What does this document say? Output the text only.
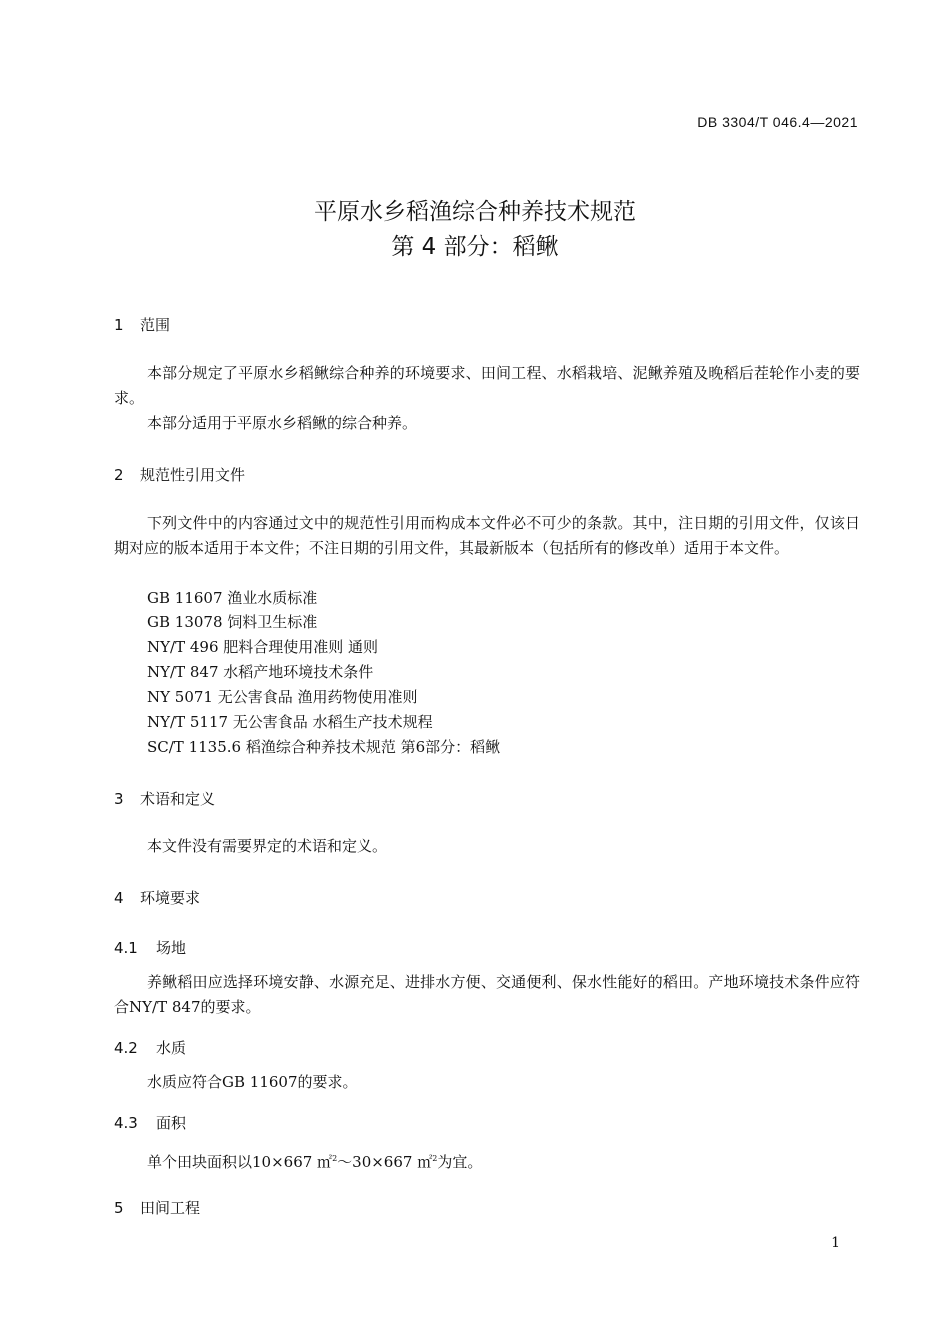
DB 3304/T 046.4—2021
平原水乡稻渔综合种养技术规范
第 4 部分：稻鳅
1 范围
本部分规定了平原水乡稻鳅综合种养的环境要求、田间工程、水稻栽培、泥鳅养殖及晚稻后茬轮作小麦的要求。
本部分适用于平原水乡稻鳅的综合种养。
2 规范性引用文件
下列文件中的内容通过文中的规范性引用而构成本文件必不可少的条款。其中，注日期的引用文件，仅该日期对应的版本适用于本文件；不注日期的引用文件，其最新版本（包括所有的修改单）适用于本文件。
GB 11607 渔业水质标准
GB 13078 饲料卫生标准
NY/T 496 肥料合理使用准则 通则
NY/T 847 水稻产地环境技术条件
NY 5071 无公害食品 渔用药物使用准则
NY/T 5117 无公害食品 水稻生产技术规程
SC/T 1135.6 稻渔综合种养技术规范 第6部分：稻鳅
3 术语和定义
本文件没有需要界定的术语和定义。
4 环境要求
4.1 场地
养鳅稻田应选择环境安静、水源充足、进排水方便、交通便利、保水性能好的稻田。产地环境技术条件应符合NY/T 847的要求。
4.2 水质
水质应符合GB 11607的要求。
4.3 面积
单个田块面积以10×667 ㎡$^2$～30×667 ㎡$^2$为宜。
5 田间工程
1
